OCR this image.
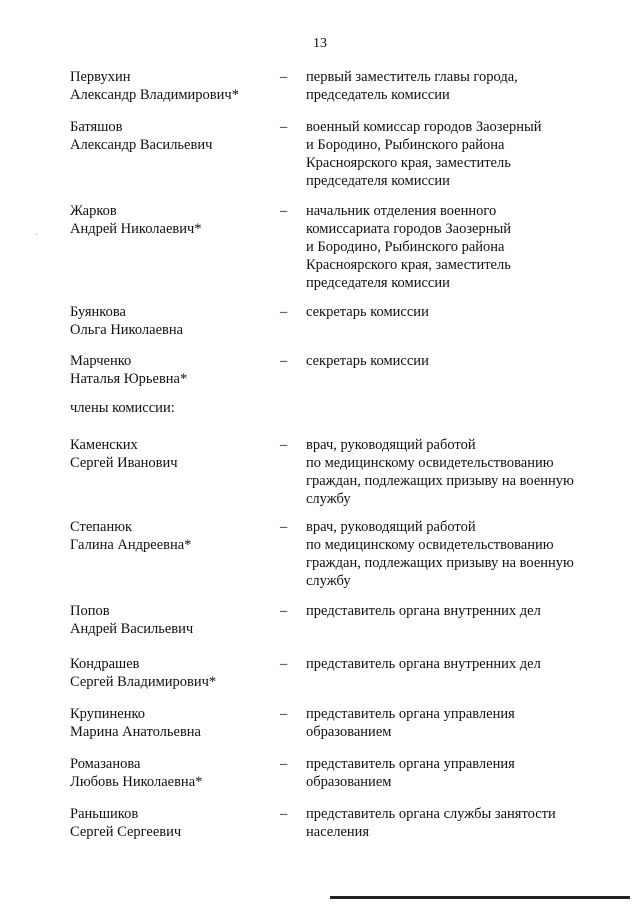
13
·
Первухин
Александр Владимирович*
– первый заместитель главы города,
председатель комиссии
Батяшов
Александр Васильевич
– военный комиссар городов Заозерный
и Бородино, Рыбинского района
Красноярского края, заместитель
председателя комиссии
Жарков
Андрей Николаевич*
– начальник отделения военного
комиссариата городов Заозерный
и Бородино, Рыбинского района
Красноярского края, заместитель
председателя комиссии
Буянкова
Ольга Николаевна
– секретарь комиссии
Марченко
Наталья Юрьевна*
– секретарь комиссии
Каменских
Сергей Иванович
– врач, руководящий работой
по медицинскому освидетельствованию
граждан, подлежащих призыву на военную
службу
Степанюк
Галина Андреевна*
– врач, руководящий работой
по медицинскому освидетельствованию
граждан, подлежащих призыву на военную
службу
Попов
Андрей Васильевич
– представитель органа внутренних дел
Кондрашев
Сергей Владимирович*
– представитель органа внутренних дел
Крупиненко
Марина Анатольевна
– представитель органа управления
образованием
Ромазанова
Любовь Николаевна*
– представитель органа управления
образованием
Раньшиков
Сергей Сергеевич
– представитель органа службы занятости
населения
члены комиссии:
